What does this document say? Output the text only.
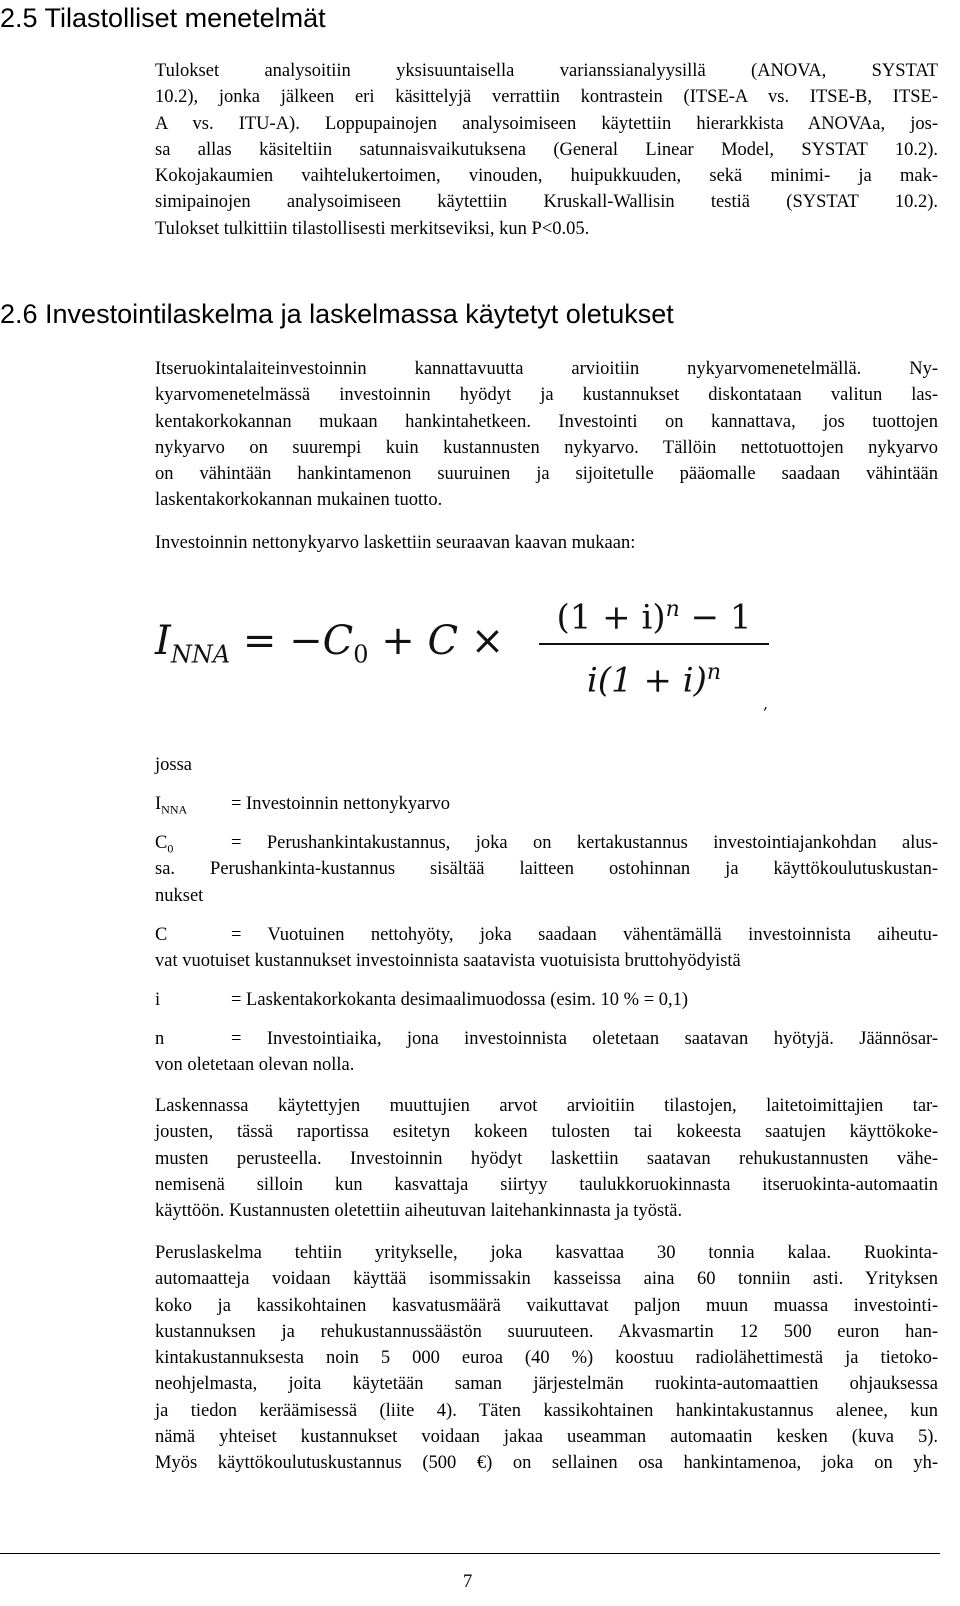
2.5 Tilastolliset menetelmät
Tulokset analysoitiin yksisuuntaisella varianssianalyysillä (ANOVA, SYSTAT
10.2), jonka jälkeen eri käsittelyjä verrattiin kontrastein (ITSE-A vs. ITSE-B, ITSE-
A vs. ITU-A). Loppupainojen analysoimiseen käytettiin hierarkkista ANOVAa, jos-
sa allas käsiteltiin satunnaisvaikutuksena (General Linear Model, SYSTAT 10.2).
Kokojakaumien vaihtelukertoimen, vinouden, huipukkuuden, sekä minimi- ja mak-
simipainojen analysoimiseen käytettiin Kruskall-Wallisin testiä (SYSTAT 10.2).
Tulokset tulkittiin tilastollisesti merkitseviksi, kun P<0.05.
2.6 Investointilaskelma ja laskelmassa käytetyt oletukset
Itseruokintalaiteinvestoinnin kannattavuutta arvioitiin nykyarvomenetelmällä. Ny-
kyarvomenetelmässä investoinnin hyödyt ja kustannukset diskontataan valitun las-
kentakorkokannan mukaan hankintahetkeen. Investointi on kannattava, jos tuottojen
nykyarvo on suurempi kuin kustannusten nykyarvo. Tällöin nettotuottojen nykyarvo
on vähintään hankintamenon suuruinen ja sijoitetulle pääomalle saadaan vähintään
laskentakorkokannan mukainen tuotto.
Investoinnin nettonykyarvo laskettiin seuraavan kaavan mukaan:
$I_{NNA} = -C_0 + C$ ×
$(1 + i)^n - 1$
$i(1 + i)^n$
,
jossa
$I_{NNA}$	= Investoinnin nettonykyarvo
$C_0$	= Perushankintakustannus, joka on kertakustannus investointiajankohdan alus-
sa. Perushankinta-kustannus sisältää laitteen ostohinnan ja käyttökoulutuskustan-
nukset
C	= Vuotuinen nettohyöty, joka saadaan vähentämällä investoinnista aiheutu-
vat vuotuiset kustannukset investoinnista saatavista vuotuisista bruttohyödyistä
i	= Laskentakorkokanta desimaalimuodossa (esim. 10 % = 0,1)
n	= Investointiaika, jona investoinnista oletetaan saatavan hyötyjä. Jäännösar-
von oletetaan olevan nolla.
Laskennassa käytettyjen muuttujien arvot arvioitiin tilastojen, laitetoimittajien tar-
jousten, tässä raportissa esitetyn kokeen tulosten tai kokeesta saatujen käyttökoke-
musten perusteella. Investoinnin hyödyt laskettiin saatavan rehukustannusten vähe-
nemisenä silloin kun kasvattaja siirtyy taulukkoruokinnasta itseruokinta-automaatin
käyttöön. Kustannusten oletettiin aiheutuvan laitehankinnasta ja työstä.
Peruslaskelma tehtiin yritykselle, joka kasvattaa 30 tonnia kalaa. Ruokinta-
automaatteja voidaan käyttää isommissakin kasseissa aina 60 tonniin asti. Yrityksen
koko ja kassikohtainen kasvatusmäärä vaikuttavat paljon muun muassa investointi-
kustannuksen ja rehukustannussäästön suuruuteen. Akvasmartin 12 500 euron han-
kintakustannuksesta noin 5 000 euroa (40 %) koostuu radiolähettimestä ja tietoko-
neohjelmasta, joita käytetään saman järjestelmän ruokinta-automaattien ohjauksessa
ja tiedon keräämisessä (liite 4). Täten kassikohtainen hankintakustannus alenee, kun
nämä yhteiset kustannukset voidaan jakaa useamman automaatin kesken (kuva 5).
Myös käyttökoulutuskustannus (500 €) on sellainen osa hankintamenoa, joka on yh-
7
